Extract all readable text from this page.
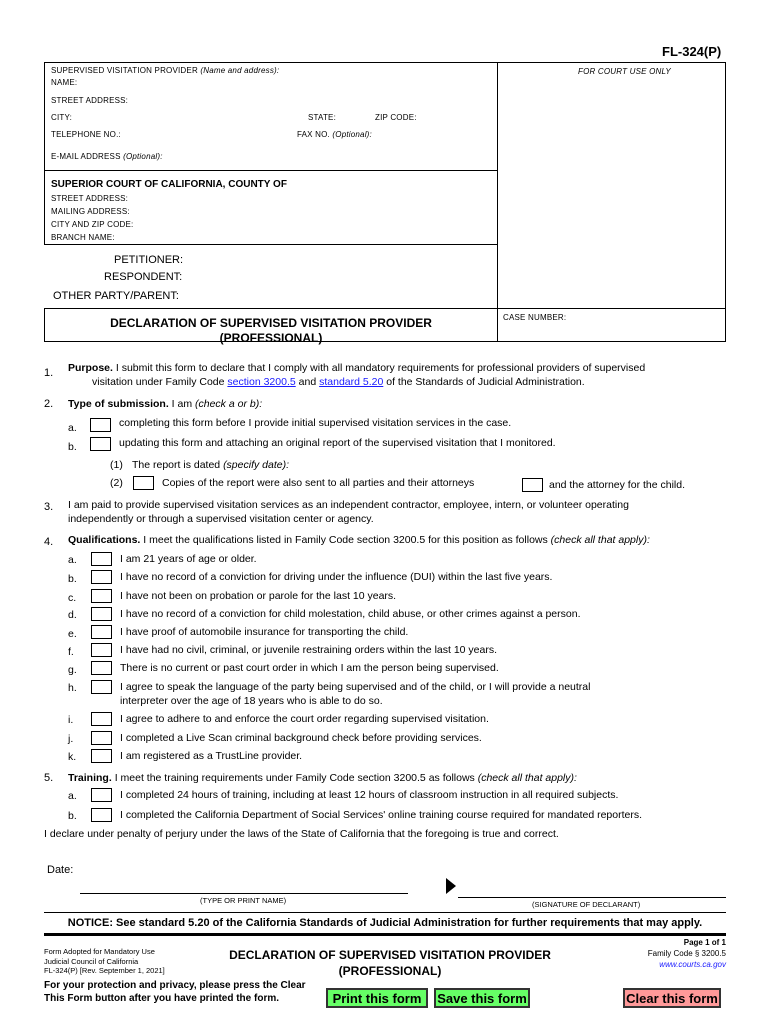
FL-324(P)
SUPERVISED VISITATION PROVIDER (Name and address):	FOR COURT USE ONLY
NAME:
STREET ADDRESS:
CITY:	STATE:	ZIP CODE:
TELEPHONE NO.:	FAX NO. (Optional):
E-MAIL ADDRESS (Optional):
SUPERIOR COURT OF CALIFORNIA, COUNTY OF
STREET ADDRESS:
MAILING ADDRESS:
CITY AND ZIP CODE:
BRANCH NAME:
PETITIONER:
RESPONDENT:
OTHER PARTY/PARENT:
DECLARATION OF SUPERVISED VISITATION PROVIDER
(PROFESSIONAL)
CASE NUMBER:
1. Purpose. I submit this form to declare that I comply with all mandatory requirements for professional providers of supervised
visitation under Family Code section 3200.5 and standard 5.20 of the Standards of Judicial Administration.
2. Type of submission. I am (check a or b):
a.	completing this form before I provide initial supervised visitation services in the case.
b.	updating this form and attaching an original report of the supervised visitation that I monitored.
(1) The report is dated (specify date):
(2)	Copies of the report were also sent to all parties and their attorneys	and the attorney for the child.
3. I am paid to provide supervised visitation services as an independent contractor, employee, intern, or volunteer operating
independently or through a supervised visitation center or agency.
4. Qualifications. I meet the qualifications listed in Family Code section 3200.5 for this position as follows (check all that apply):
a.	I am 21 years of age or older.
b.	I have no record of a conviction for driving under the influence (DUI) within the last five years.
c.	I have not been on probation or parole for the last 10 years.
d.	I have no record of a conviction for child molestation, child abuse, or other crimes against a person.
e.	I have proof of automobile insurance for transporting the child.
f.	I have had no civil, criminal, or juvenile restraining orders within the last 10 years.
g.	There is no current or past court order in which I am the person being supervised.
h.	I agree to speak the language of the party being supervised and of the child, or I will provide a neutral
interpreter over the age of 18 years who is able to do so.
i.	I agree to adhere to and enforce the court order regarding supervised visitation.
j.	I completed a Live Scan criminal background check before providing services.
k.	I am registered as a TrustLine provider.
5. Training. I meet the training requirements under Family Code section 3200.5 as follows (check all that apply):
a.	I completed 24 hours of training, including at least 12 hours of classroom instruction in all required subjects.
b.	I completed the California Department of Social Services' online training course required for mandated reporters.
I declare under penalty of perjury under the laws of the State of California that the foregoing is true and correct.
Date:
(TYPE OR PRINT NAME)	(SIGNATURE OF DECLARANT)
NOTICE: See standard 5.20 of the California Standards of Judicial Administration for further requirements that may apply.
Form Adopted for Mandatory Use
Judicial Council of California
FL-324(P) [Rev. September 1, 2021]
DECLARATION OF SUPERVISED VISITATION PROVIDER
(PROFESSIONAL)
Page 1 of 1
Family Code § 3200.5
www.courts.ca.gov
For your protection and privacy, please press the Clear
This Form button after you have printed the form.	Print this form	Save this form	Clear this form
